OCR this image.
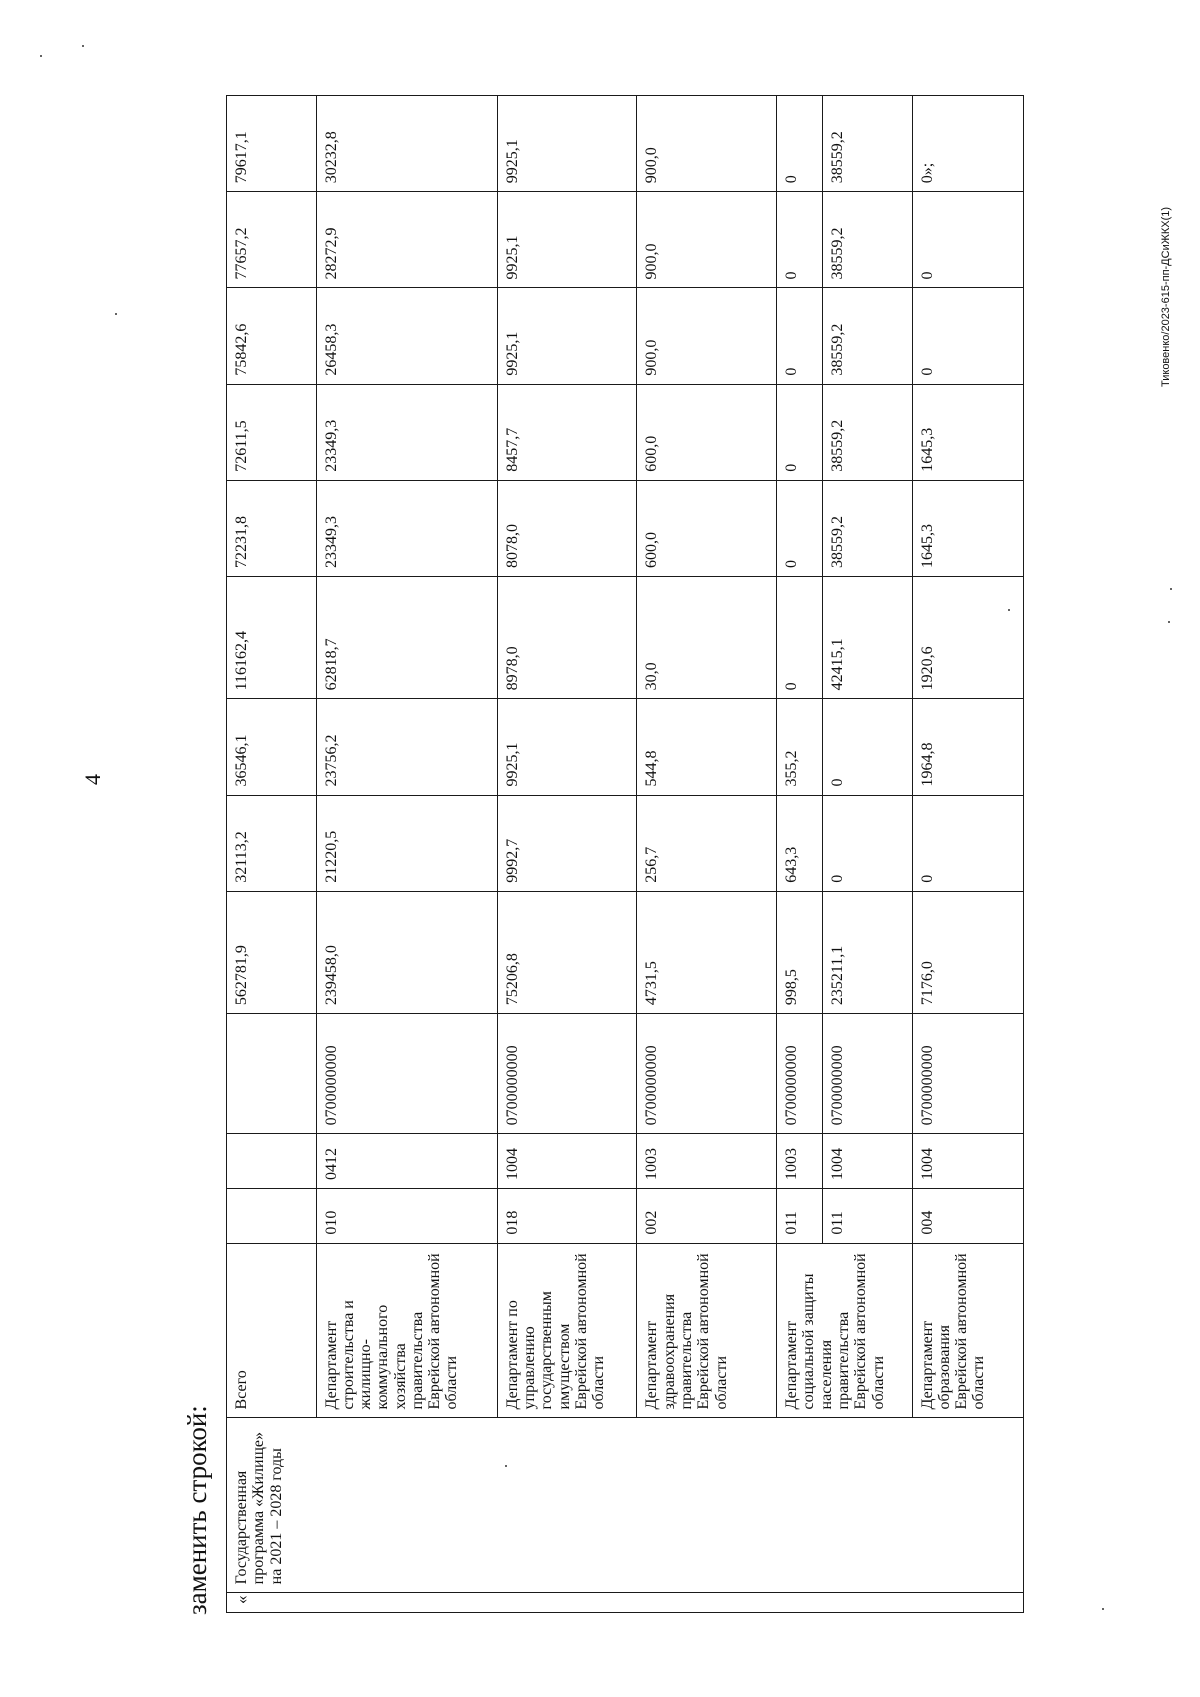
заменить строкой:
4
Тиковенко/2023-615-пп-ДСиЖКХ(1)
«	Государственная программа «Жилище» на 2021 – 2028 годы	Всего				562781,9	32113,2	36546,1	116162,4	72231,8	72611,5	75842,6	77657,2	79617,1
		Департамент строительства и жилищно-коммунального хозяйства правительства Еврейской автономной области	010	0412	0700000000	239458,0	21220,5	23756,2	62818,7	23349,3	23349,3	26458,3	28272,9	30232,8
		Департамент по управлению государственным имуществом Еврейской автономной области	018	1004	0700000000	75206,8	9992,7	9925,1	8978,0	8078,0	8457,7	9925,1	9925,1	9925,1
		Департамент здравоохранения правительства Еврейской автономной области	002	1003	0700000000	4731,5	256,7	544,8	30,0	600,0	600,0	900,0	900,0	900,0
		Департамент социальной защиты населения правительства Еврейской автономной области	011	1003	0700000000	998,5	643,3	355,2	0	0	0	0	0	0
			011	1004	0700000000	235211,1	0	0	42415,1	38559,2	38559,2	38559,2	38559,2	38559,2
		Департамент образования Еврейской автономной области	004	1004	0700000000	7176,0	0	1964,8	1920,6	1645,3	1645,3	0	0	0»;
